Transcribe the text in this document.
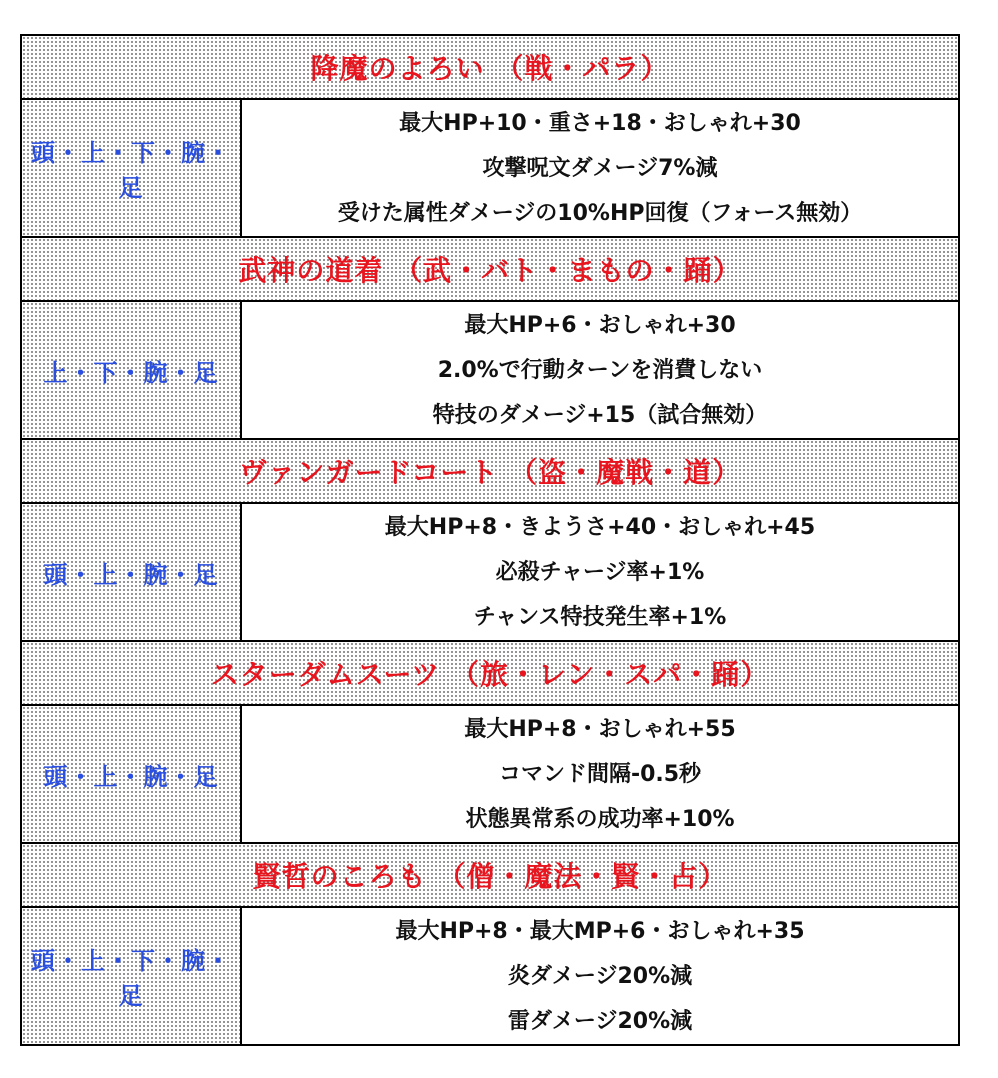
降魔のよろい （戦・パラ）	
頭・上・下・腕・足	最大HP+10・重さ+18・おしゃれ+30
攻撃呪文ダメージ7%減
受けた属性ダメージの10%HP回復（フォース無効）

武神の道着 （武・バト・まもの・踊）	
上・下・腕・足	最大HP+6・おしゃれ+30
2.0%で行動ターンを消費しない
特技のダメージ+15（試合無効）

ヴァンガードコート （盗・魔戦・道）	
頭・上・腕・足	最大HP+8・きようさ+40・おしゃれ+45
必殺チャージ率+1%
チャンス特技発生率+1%

スターダムスーツ （旅・レン・スパ・踊）	
頭・上・腕・足	最大HP+8・おしゃれ+55
コマンド間隔-0.5秒
状態異常系の成功率+10%

賢哲のころも （僧・魔法・賢・占）	
頭・上・下・腕・足	最大HP+8・最大MP+6・おしゃれ+35
炎ダメージ20%減
雷ダメージ20%減
